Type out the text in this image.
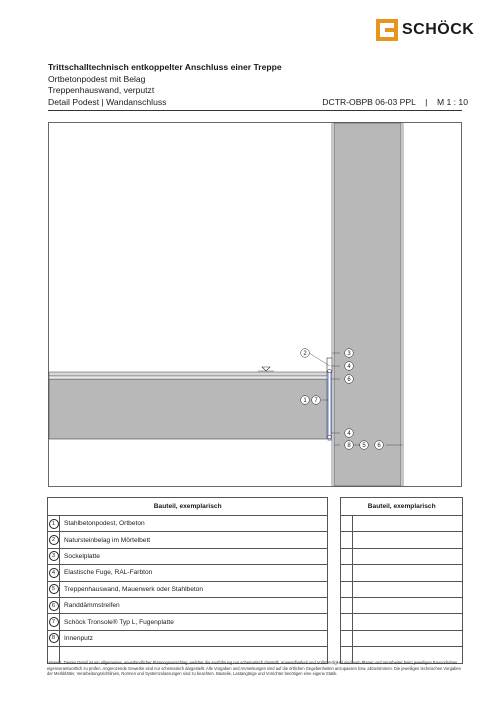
SCHÖCK
Trittschalltechnisch entkoppelter Anschluss einer Treppe
Ortbetonpodest mit Belag
Treppenhauswand, verputzt
Detail Podest | Wandanschluss	DCTR-OBPB 06-03 PPL    |    M 1 : 10
2	3
4
6
1 7
4
8 5 6
Bauteil, exemplarisch			Bauteil, exemplarisch	
1	Stahlbetonpodest, Ortbeton			
2	Natursteinbelag im Mörtelbett			
3	Sockelplatte			
4	Elastische Fuge, RAL-Farbton			
5	Treppenhauswand, Mauerwerk oder Stahlbeton			
6	Randdämmstreifen			
7	Schöck Tronsole® Typ L, Fugenplatte			
8	Innenputz			

Hinweis: Dieses Detail ist ein allgemeiner, unverbindlicher Planungsvorschlag, welcher die Ausführung nur schematisch darstellt. Anwendbarkeit und Vollständigkeit sind vom Planer und Verarbeiter beim jeweiligen Bauvorhaben eigenverantwortlich zu prüfen. Angrenzende Gewerke sind nur schematisch dargestellt. Alle Vorgaben und Anmerkungen sind auf die örtlichen Gegebenheiten anzupassen bzw. abzustimmen. Die jeweiligen technischen Vorgaben der Merkblätter, Verarbeitungsrichtlinien, Normen und Systemzulassungen sind zu beachten. Bauteile, Lastangänge und Vorrichter benötigen eine eigene Statik.
